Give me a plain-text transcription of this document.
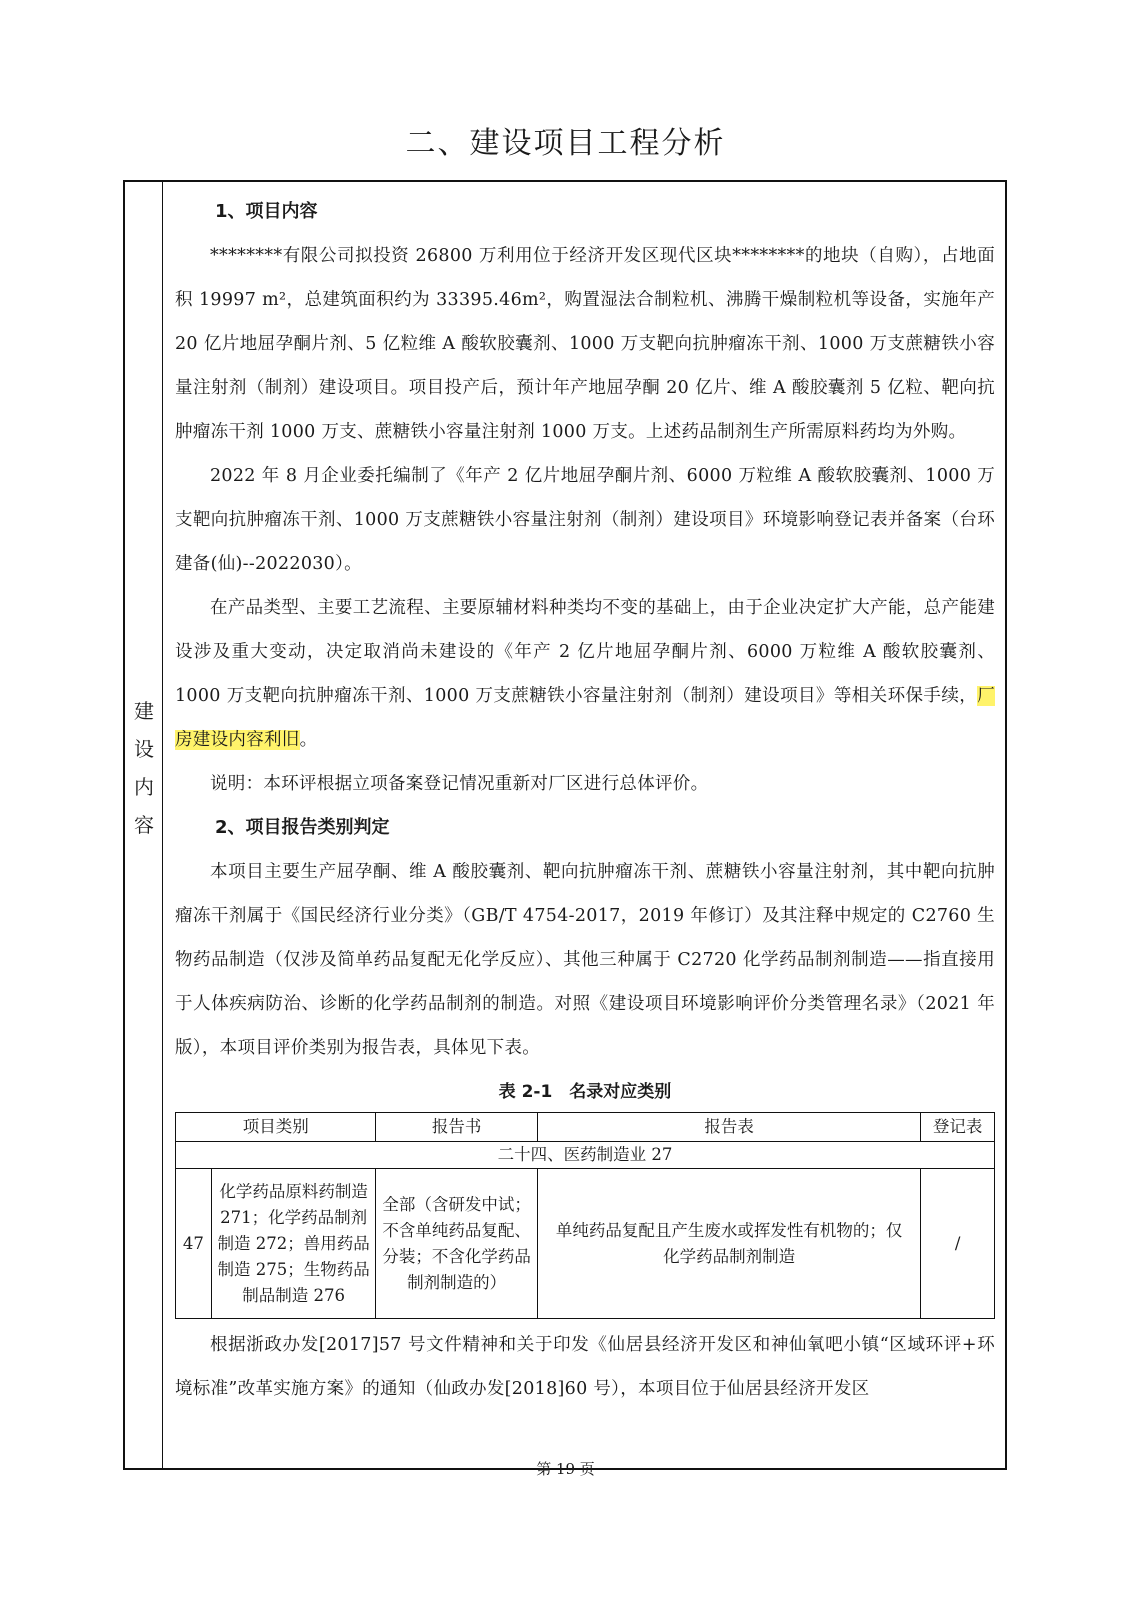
二、建设项目工程分析
建
设
内
容

1、项目内容

********有限公司拟投资 26800 万利用位于经济开发区现代区块********的地块（自购），占地面积 19997 m²，总建筑面积约为 33395.46m²，购置湿法合制粒机、沸腾干燥制粒机等设备，实施年产 20 亿片地屈孕酮片剂、5 亿粒维 A 酸软胶囊剂、1000 万支靶向抗肿瘤冻干剂、1000 万支蔗糖铁小容量注射剂（制剂）建设项目。项目投产后，预计年产地屈孕酮 20 亿片、维 A 酸胶囊剂 5 亿粒、靶向抗肿瘤冻干剂 1000 万支、蔗糖铁小容量注射剂 1000 万支。上述药品制剂生产所需原料药均为外购。

2022 年 8 月企业委托编制了《年产 2 亿片地屈孕酮片剂、6000 万粒维 A 酸软胶囊剂、1000 万支靶向抗肿瘤冻干剂、1000 万支蔗糖铁小容量注射剂（制剂）建设项目》环境影响登记表并备案（台环建备(仙)--2022030）。

在产品类型、主要工艺流程、主要原辅材料种类均不变的基础上，由于企业决定扩大产能，总产能建设涉及重大变动，决定取消尚未建设的《年产 2 亿片地屈孕酮片剂、6000 万粒维 A 酸软胶囊剂、1000 万支靶向抗肿瘤冻干剂、1000 万支蔗糖铁小容量注射剂（制剂）建设项目》等相关环保手续，厂房建设内容利旧。

说明：本环评根据立项备案登记情况重新对厂区进行总体评价。

2、项目报告类别判定

本项目主要生产屈孕酮、维 A 酸胶囊剂、靶向抗肿瘤冻干剂、蔗糖铁小容量注射剂，其中靶向抗肿瘤冻干剂属于《国民经济行业分类》（GB/T 4754-2017，2019 年修订）及其注释中规定的 C2760 生物药品制造（仅涉及简单药品复配无化学反应）、其他三种属于 C2720 化学药品制剂制造——指直接用于人体疾病防治、诊断的化学药品制剂的制造。对照《建设项目环境影响评价分类管理名录》（2021 年版），本项目评价类别为报告表，具体见下表。

表 2-1　名录对应类别

项目类别		报告书	报告表	登记表
二十四、医药制造业 27				
47	化学药品原料药制造 271；化学药品制剂制造 272；兽用药品制造 275；生物药品制品制造 276	全部（含研发中试；不含单纯药品复配、分装；不含化学药品制剂制造的）	单纯药品复配且产生废水或挥发性有机物的；仅化学药品制剂制造	/

根据浙政办发[2017]57 号文件精神和关于印发《仙居县经济开发区和神仙氧吧小镇“区域环评+环境标准”改革实施方案》的通知（仙政办发[2018]60 号），本项目位于仙居县经济开发区

第 19 页
